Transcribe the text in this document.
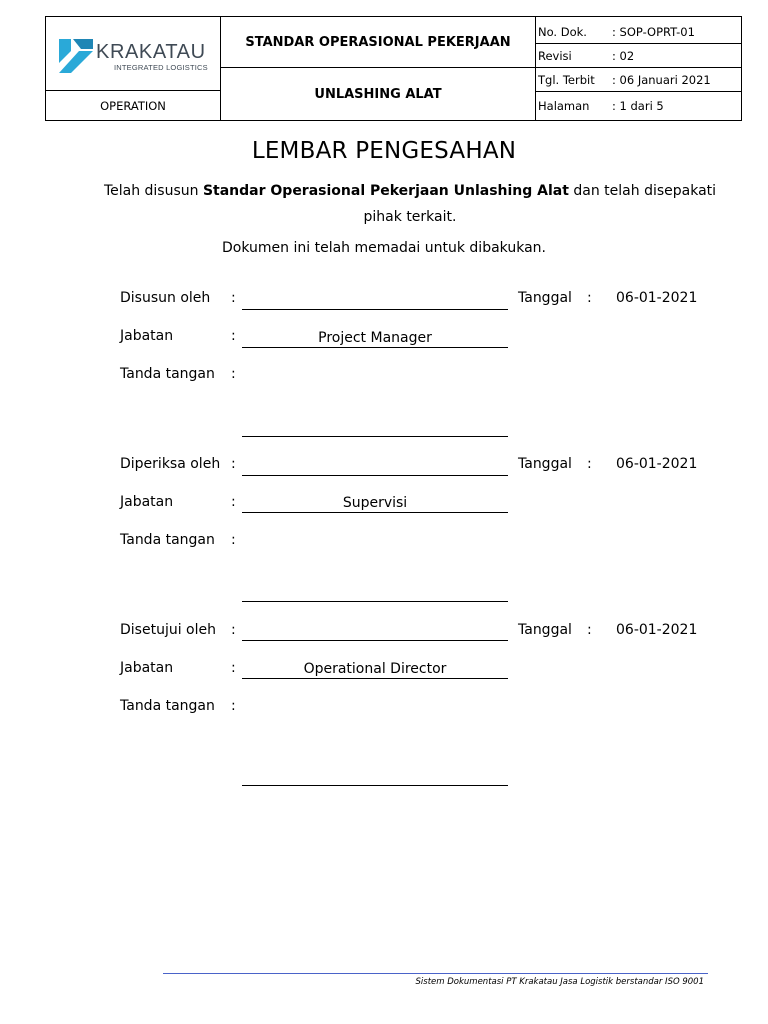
KRAKATAU
INTEGRATED LOGISTICS
OPERATION
STANDAR OPERASIONAL PEKERJAAN
UNLASHING ALAT
No. Dok. : SOP-OPRT-01
Revisi	: 02
Tgl. Terbit : 06 Januari 2021
Halaman : 1 dari 5
LEMBAR PENGESAHAN
Telah disusun Standar Operasional Pekerjaan Unlashing Alat dan telah disepakati pihak terkait.
Dokumen ini telah memadai untuk dibakukan.
Disusun oleh :	Tanggal : 06-01-2021
Jabatan	:	Project Manager
Tanda tangan :
Diperiksa oleh :	Tanggal : 06-01-2021
Jabatan	:	Supervisi
Tanda tangan :
Disetujui oleh :	Tanggal : 06-01-2021
Jabatan	:	Operational Director
Tanda tangan :
Sistem Dokumentasi PT Krakatau Jasa Logistik berstandar ISO 9001
